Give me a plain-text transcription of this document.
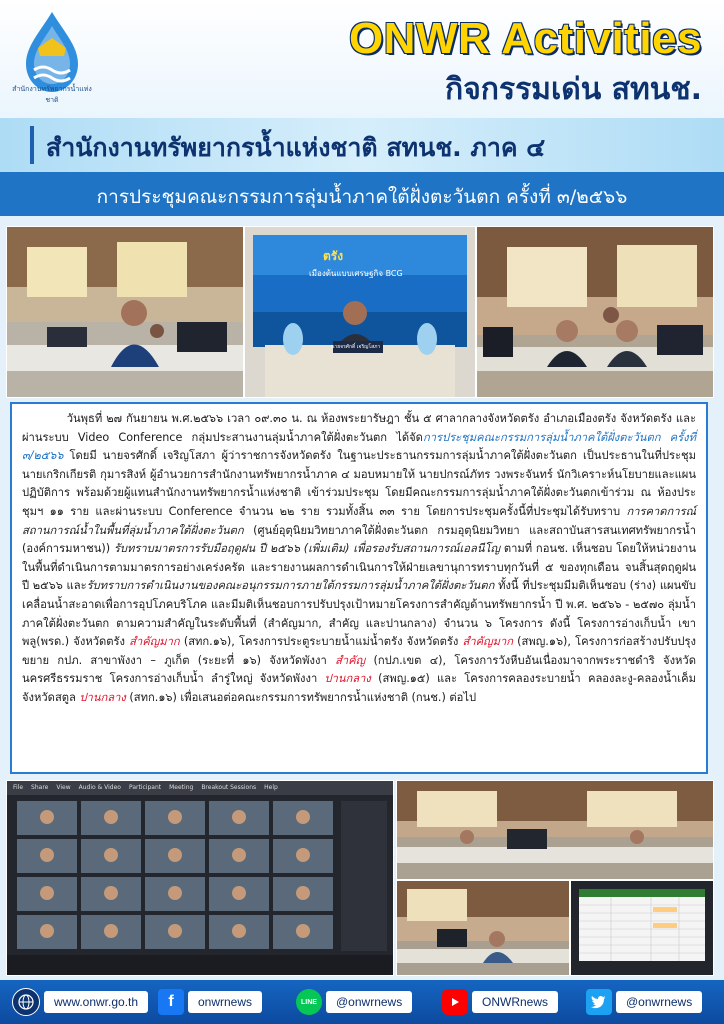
สำนักงานทรัพยากรน้ำแห่งชาติ
ONWR Activities
กิจกรรมเด่น สทนช.
สำนักงานทรัพยากรน้ำแห่งชาติ สทนช. ภาค ๔
การประชุมคณะกรรมการลุ่มน้ำภาคใต้ฝั่งตะวันตก ครั้งที่ ๓/๒๕๖๖
ตรัง
เมืองต้นแบบเศรษฐกิจ BCG
นายจรศักดิ์ เจริญโสภา

    วันพุธที่ ๒๗ กันยายน พ.ศ.๒๕๖๖ เวลา ๐๙.๓๐ น. ณ ห้องพระยารัษฎา ชั้น ๕ ศาลากลางจังหวัดตรัง อำเภอเมืองตรัง จังหวัดตรัง และผ่านระบบ Video Conference กลุ่มประสานงานลุ่มน้ำภาคใต้ฝั่งตะวันตก ได้จัดการประชุมคณะกรรมการลุ่มน้ำภาคใต้ฝั่งตะวันตก ครั้งที่ ๓/๒๕๖๖ โดยมี นายจรศักดิ์ เจริญโสภา ผู้ว่าราชการจังหวัดตรัง ในฐานะประธานกรรมการลุ่มน้ำภาคใต้ฝั่งตะวันตก เป็นประธานในที่ประชุม นายเกริกเกียรติ กุมารสิงห์ ผู้อำนวยการสำนักงานทรัพยากรน้ำภาค ๔ มอบหมายให้ นายปกรณ์ภัทร วงพระจันทร์ นักวิเคราะห์นโยบายและแผนปฏิบัติการ พร้อมด้วยผู้แทนสำนักงานทรัพยากรน้ำแห่งชาติ เข้าร่วมประชุม โดยมีคณะกรรมการลุ่มน้ำภาคใต้ฝั่งตะวันตกเข้าร่วม ณ ห้องประชุมฯ ๑๑ ราย และผ่านระบบ Conference จำนวน ๒๒ ราย รวมทั้งสิ้น ๓๓ ราย โดยการประชุมครั้งนี้ที่ประชุมได้รับทราบ การคาดการณ์สถานการณ์น้ำในพื้นที่ลุ่มน้ำภาคใต้ฝั่งตะวันตก (ศูนย์อุตุนิยมวิทยาภาคใต้ฝั่งตะวันตก กรมอุตุนิยมวิทยา และสถาบันสารสนเทศทรัพยากรน้ำ (องค์การมหาชน)) รับทราบมาตรการรับมือฤดูฝน ปี ๒๕๖๖ (เพิ่มเติม) เพื่อรองรับสถานการณ์เอลนีโญ ตามที่ กอนช. เห็นชอบ โดยให้หน่วยงานในพื้นที่ดำเนินการตามมาตรการอย่างเคร่งครัด และรายงานผลการดำเนินการให้ฝ่ายเลขานุการทราบทุกวันที่ ๕ ของทุกเดือน จนสิ้นสุดฤดูฝน ปี ๒๕๖๖ และรับทราบการดำเนินงานของคณะอนุกรรมการภายใต้กรรมการลุ่มน้ำภาคใต้ฝั่งตะวันตก ทั้งนี้ ที่ประชุมมีมติเห็นชอบ (ร่าง) แผนขับเคลื่อนน้ำสะอาดเพื่อการอุปโภคบริโภค และมีมติเห็นชอบการปรับปรุงเป้าหมายโครงการสำคัญด้านทรัพยากรน้ำ ปี พ.ศ. ๒๕๖๖ - ๒๕๗๐ ลุ่มน้ำภาคใต้ฝั่งตะวันตก ตามความสำคัญในระดับพื้นที่ (สำคัญมาก, สำคัญ และปานกลาง) จำนวน ๖ โครงการ ดังนี้ โครงการอ่างเก็บน้ำ เขาพลู(พรด.) จังหวัดตรัง สำคัญมาก (สทก.๑๖), โครงการประตูระบายน้ำแม่น้ำตรัง จังหวัดตรัง สำคัญมาก (สพญ.๑๖), โครงการก่อสร้างปรับปรุงขยาย กปภ. สาขาพังงา – ภูเก็ต (ระยะที่ ๑๖) จังหวัดพังงา สำคัญ (กปภ.เขต ๔), โครงการวังหีบอันเนื่องมาจากพระราชดำริ จังหวัดนครศรีธรรมราช โครงการอ่างเก็บน้ำ ลำรู่ใหญ่ จังหวัดพังงา ปานกลาง (สพญ.๑๕) และ โครงการคลองระบายน้ำ คลองละงู-คลองน้ำเค็ม จังหวัดสตูล ปานกลาง (สทก.๑๖) เพื่อเสนอต่อคณะกรรมการทรัพยากรน้ำแห่งชาติ (กนช.) ต่อไป

File Share View Audio & Video Participant Meeting Breakout Sessions Help
www.onwr.go.th	f	onwrnews	LINE	@onwrnews	ONWRnews	@onwrnews
